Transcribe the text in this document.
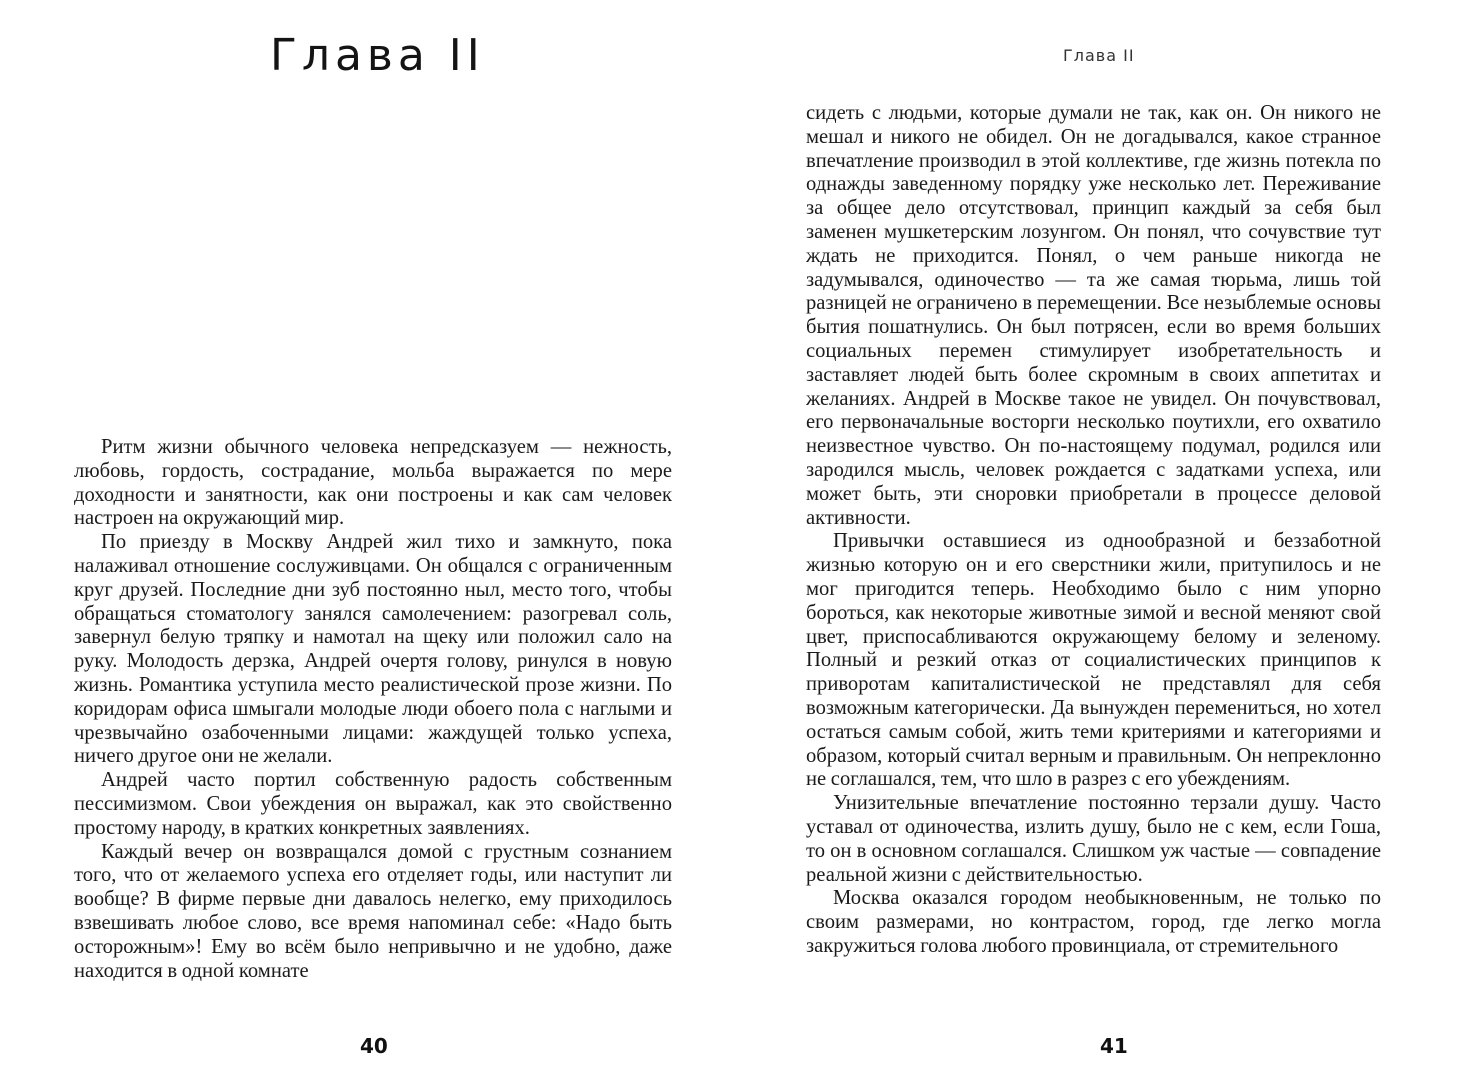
Глава II

Ритм жизни обычного человека непредсказуем — нежность, любовь, гордость, сострадание, мольба выражается по мере доходности и занятности, как они построены и как сам человек настроен на окружающий мир.

По приезду в Москву Андрей жил тихо и замкнуто, пока налаживал отношение сослуживцами. Он общался с ограниченным круг друзей. Последние дни зуб постоянно ныл, место того, чтобы обращаться стоматологу занялся самолечением: разогревал соль, завернул белую тряпку и намотал на щеку или положил сало на руку. Молодость дерзка, Андрей очертя голову, ринулся в новую жизнь. Романтика уступила место реалистической прозе жизни. По коридорам офиса шмыгали молодые люди обоего пола с наглыми и чрезвычайно озабоченными лицами: жаждущей только успеха, ничего другое они не желали.

Андрей часто портил собственную радость собственным пессимизмом. Свои убеждения он выражал, как это свойственно простому народу, в кратких конкретных заявлениях.

Каждый вечер он возвращался домой с грустным сознанием того, что от желаемого успеха его отделяет годы, или наступит ли вообще? В фирме первые дни давалось нелегко, ему приходилось взвешивать любое слово, все время напоминал себе: «Надо быть осторожным»! Ему во всём было непривычно и не удобно, даже находится в одной комнате

40
Глава II

сидеть с людьми, которые думали не так, как он. Он никого не мешал и никого не обидел. Он не догадывался, какое странное впечатление производил в этой коллективе, где жизнь потекла по однажды заведенному порядку уже несколько лет. Переживание за общее дело отсутствовал, принцип каждый за себя был заменен мушкетерским лозунгом. Он понял, что сочувствие тут ждать не приходится. Понял, о чем раньше никогда не задумывался, одиночество — та же самая тюрьма, лишь той разницей не ограничено в перемещении. Все незыблемые основы бытия пошатнулись. Он был потрясен, если во время больших социальных перемен стимулирует изобретательность и заставляет людей быть более скромным в своих аппетитах и желаниях. Андрей в Москве такое не увидел. Он почувствовал, его первоначальные восторги несколько поутихли, его охватило неизвестное чувство. Он по-настоящему подумал, родился или зародился мысль, человек рождается с задатками успеха, или может быть, эти сноровки приобретали в процессе деловой активности.

Привычки оставшиеся из однообразной и беззаботной жизнью которую он и его сверстники жили, притупилось и не мог пригодится теперь. Необходимо было с ним упорно бороться, как некоторые животные зимой и весной меняют свой цвет, приспосабливаются окружающему белому и зеленому. Полный и резкий отказ от социалистических принципов к приворотам капиталистической не представлял для себя возможным категорически. Да вынужден перемениться, но хотел остаться самым собой, жить теми критериями и категориями и образом, который считал верным и правильным. Он непреклонно не соглашался, тем, что шло в разрез с его убеждениям.

Унизительные впечатление постоянно терзали душу. Часто уставал от одиночества, излить душу, было не с кем, если Гоша, то он в основном соглашался. Слишком уж частые — совпадение реальной жизни с действительностью.

Москва оказался городом необыкновенным, не только по своим размерами, но контрастом, город, где легко могла закружиться голова любого провинциала, от стремительного

41
